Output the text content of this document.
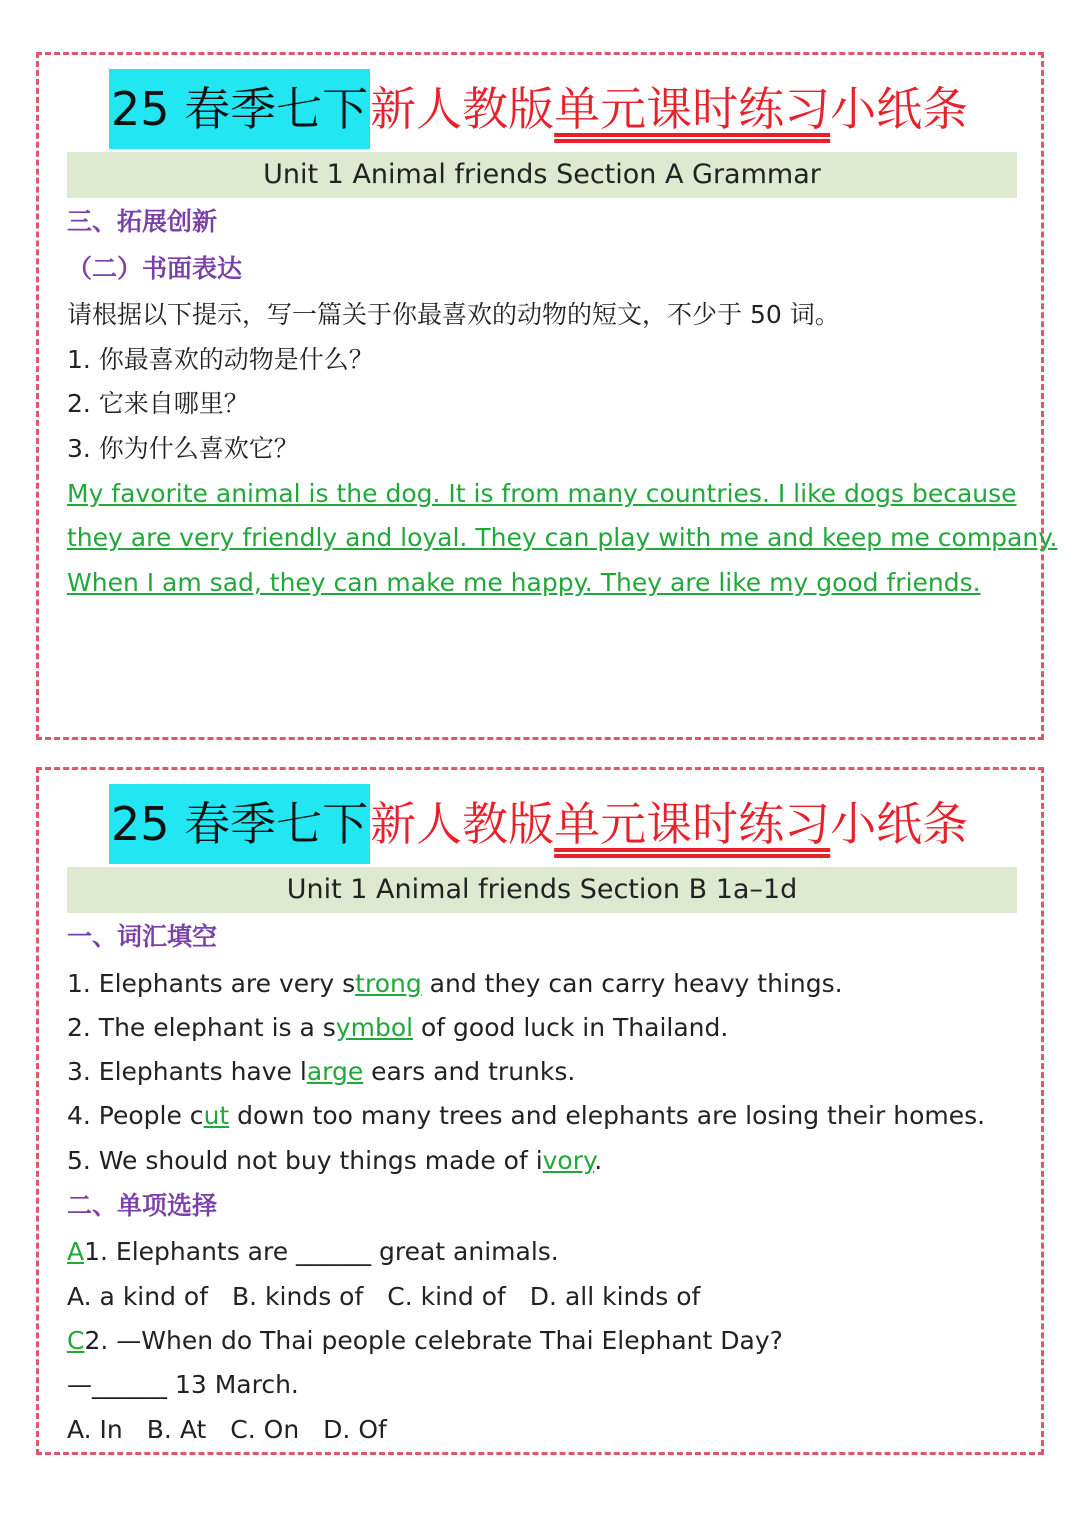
25 春季七下 新人教版 单元课时练习 小纸条
Unit 1 Animal friends Section A Grammar
三、拓展创新
（二）书面表达
请根据以下提示，写一篇关于你最喜欢的动物的短文，不少于 50 词。
1. 你最喜欢的动物是什么？
2. 它来自哪里？
3. 你为什么喜欢它？
My favorite animal is the dog. It is from many countries. I like dogs because
they are very friendly and loyal. They can play with me and keep me company.
When I am sad, they can make me happy. They are like my good friends.
25 春季七下 新人教版 单元课时练习 小纸条
Unit 1 Animal friends Section B 1a–1d
一、词汇填空
1. Elephants are very strong and they can carry heavy things.
2. The elephant is a symbol of good luck in Thailand.
3. Elephants have large ears and trunks.
4. People cut down too many trees and elephants are losing their homes.
5. We should not buy things made of ivory.
二、单项选择
A1. Elephants are ______ great animals.
A. a kind of B. kinds of C. kind of D. all kinds of
C2. —When do Thai people celebrate Thai Elephant Day?
—______ 13 March.
A. In B. At C. On D. Of
